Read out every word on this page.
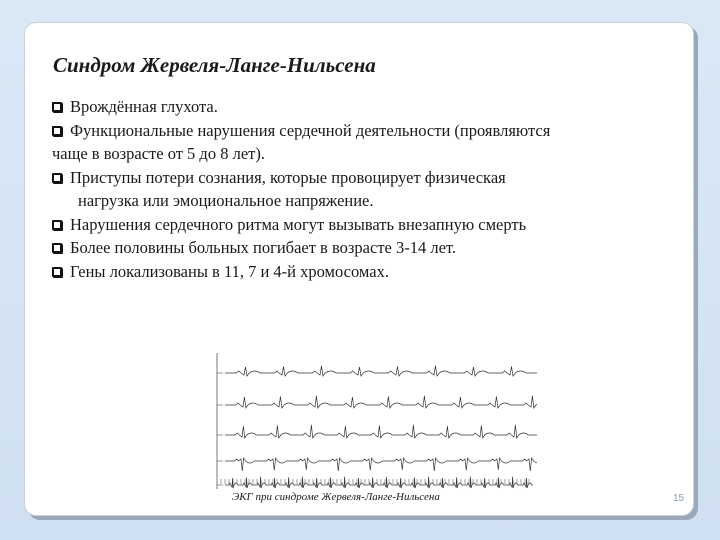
Синдром Жервеля-Ланге-Нильсена
Врождённая глухота.
Функциональные нарушения сердечной деятельности (проявляются
чаще в возрасте от 5 до 8 лет).
Приступы потери сознания, которые провоцирует физическая
нагрузка или эмоциональное напряжение.
Нарушения сердечного ритма могут вызывать внезапную смерть
Более половины больных погибает в возрасте 3-14 лет.
Гены локализованы в 11, 7 и 4-й хромосомах.
ЭКГ при синдроме Жервеля-Ланге-Нильсена	15
